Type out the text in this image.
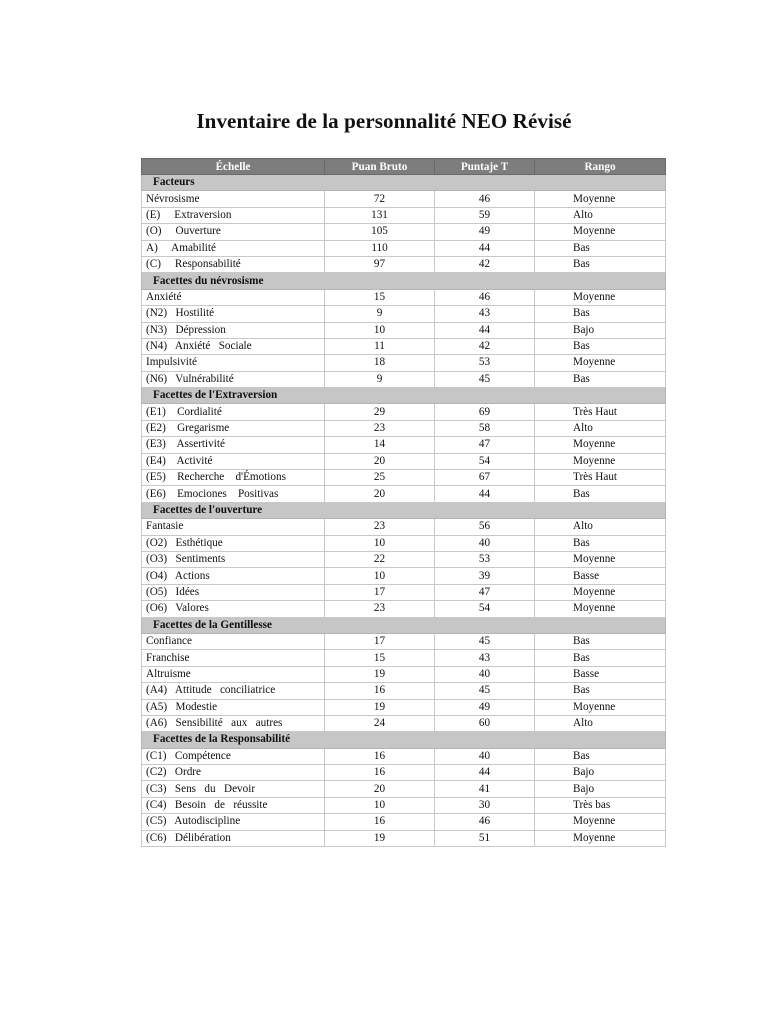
Inventaire de la personnalité NEO Révisé
Échelle	Puan Bruto	Puntaje T	Rango
Facteurs			
Névrosisme	72	46	Moyenne
(E)     Extraversion	131	59	Alto
(O)     Ouverture	105	49	Moyenne
A)     Amabilité	110	44	Bas
(C)     Responsabilité	97	42	Bas
Facettes du névrosisme			
Anxiété	15	46	Moyenne
(N2)   Hostilité	9	43	Bas
(N3)   Dépression	10	44	Bajo
(N4)   Anxiété   Sociale	11	42	Bas
Impulsivité	18	53	Moyenne
(N6)   Vulnérabilité	9	45	Bas
Facettes de l'Extraversion			
(E1)    Cordialité	29	69	Très Haut
(E2)    Gregarisme	23	58	Alto
(E3)    Assertivité	14	47	Moyenne
(E4)    Activité	20	54	Moyenne
(E5)    Recherche    d'Émotions	25	67	Très Haut
(E6)    Emociones    Positivas	20	44	Bas
Facettes de l'ouverture			
Fantasie	23	56	Alto
(O2)   Esthétique	10	40	Bas
(O3)   Sentiments	22	53	Moyenne
(O4)   Actions	10	39	Basse
(O5)   Idées	17	47	Moyenne
(O6)   Valores	23	54	Moyenne
Facettes de la Gentillesse			
Confiance	17	45	Bas
Franchise	15	43	Bas
Altruisme	19	40	Basse
(A4)   Attitude   conciliatrice	16	45	Bas
(A5)   Modestie	19	49	Moyenne
(A6)   Sensibilité   aux   autres	24	60	Alto
Facettes de la Responsabilité			
(C1)   Compétence	16	40	Bas
(C2)   Ordre	16	44	Bajo
(C3)   Sens   du   Devoir	20	41	Bajo
(C4)   Besoin   de   réussite	10	30	Très bas
(C5)   Autodiscipline	16	46	Moyenne
(C6)   Délibération	19	51	Moyenne
